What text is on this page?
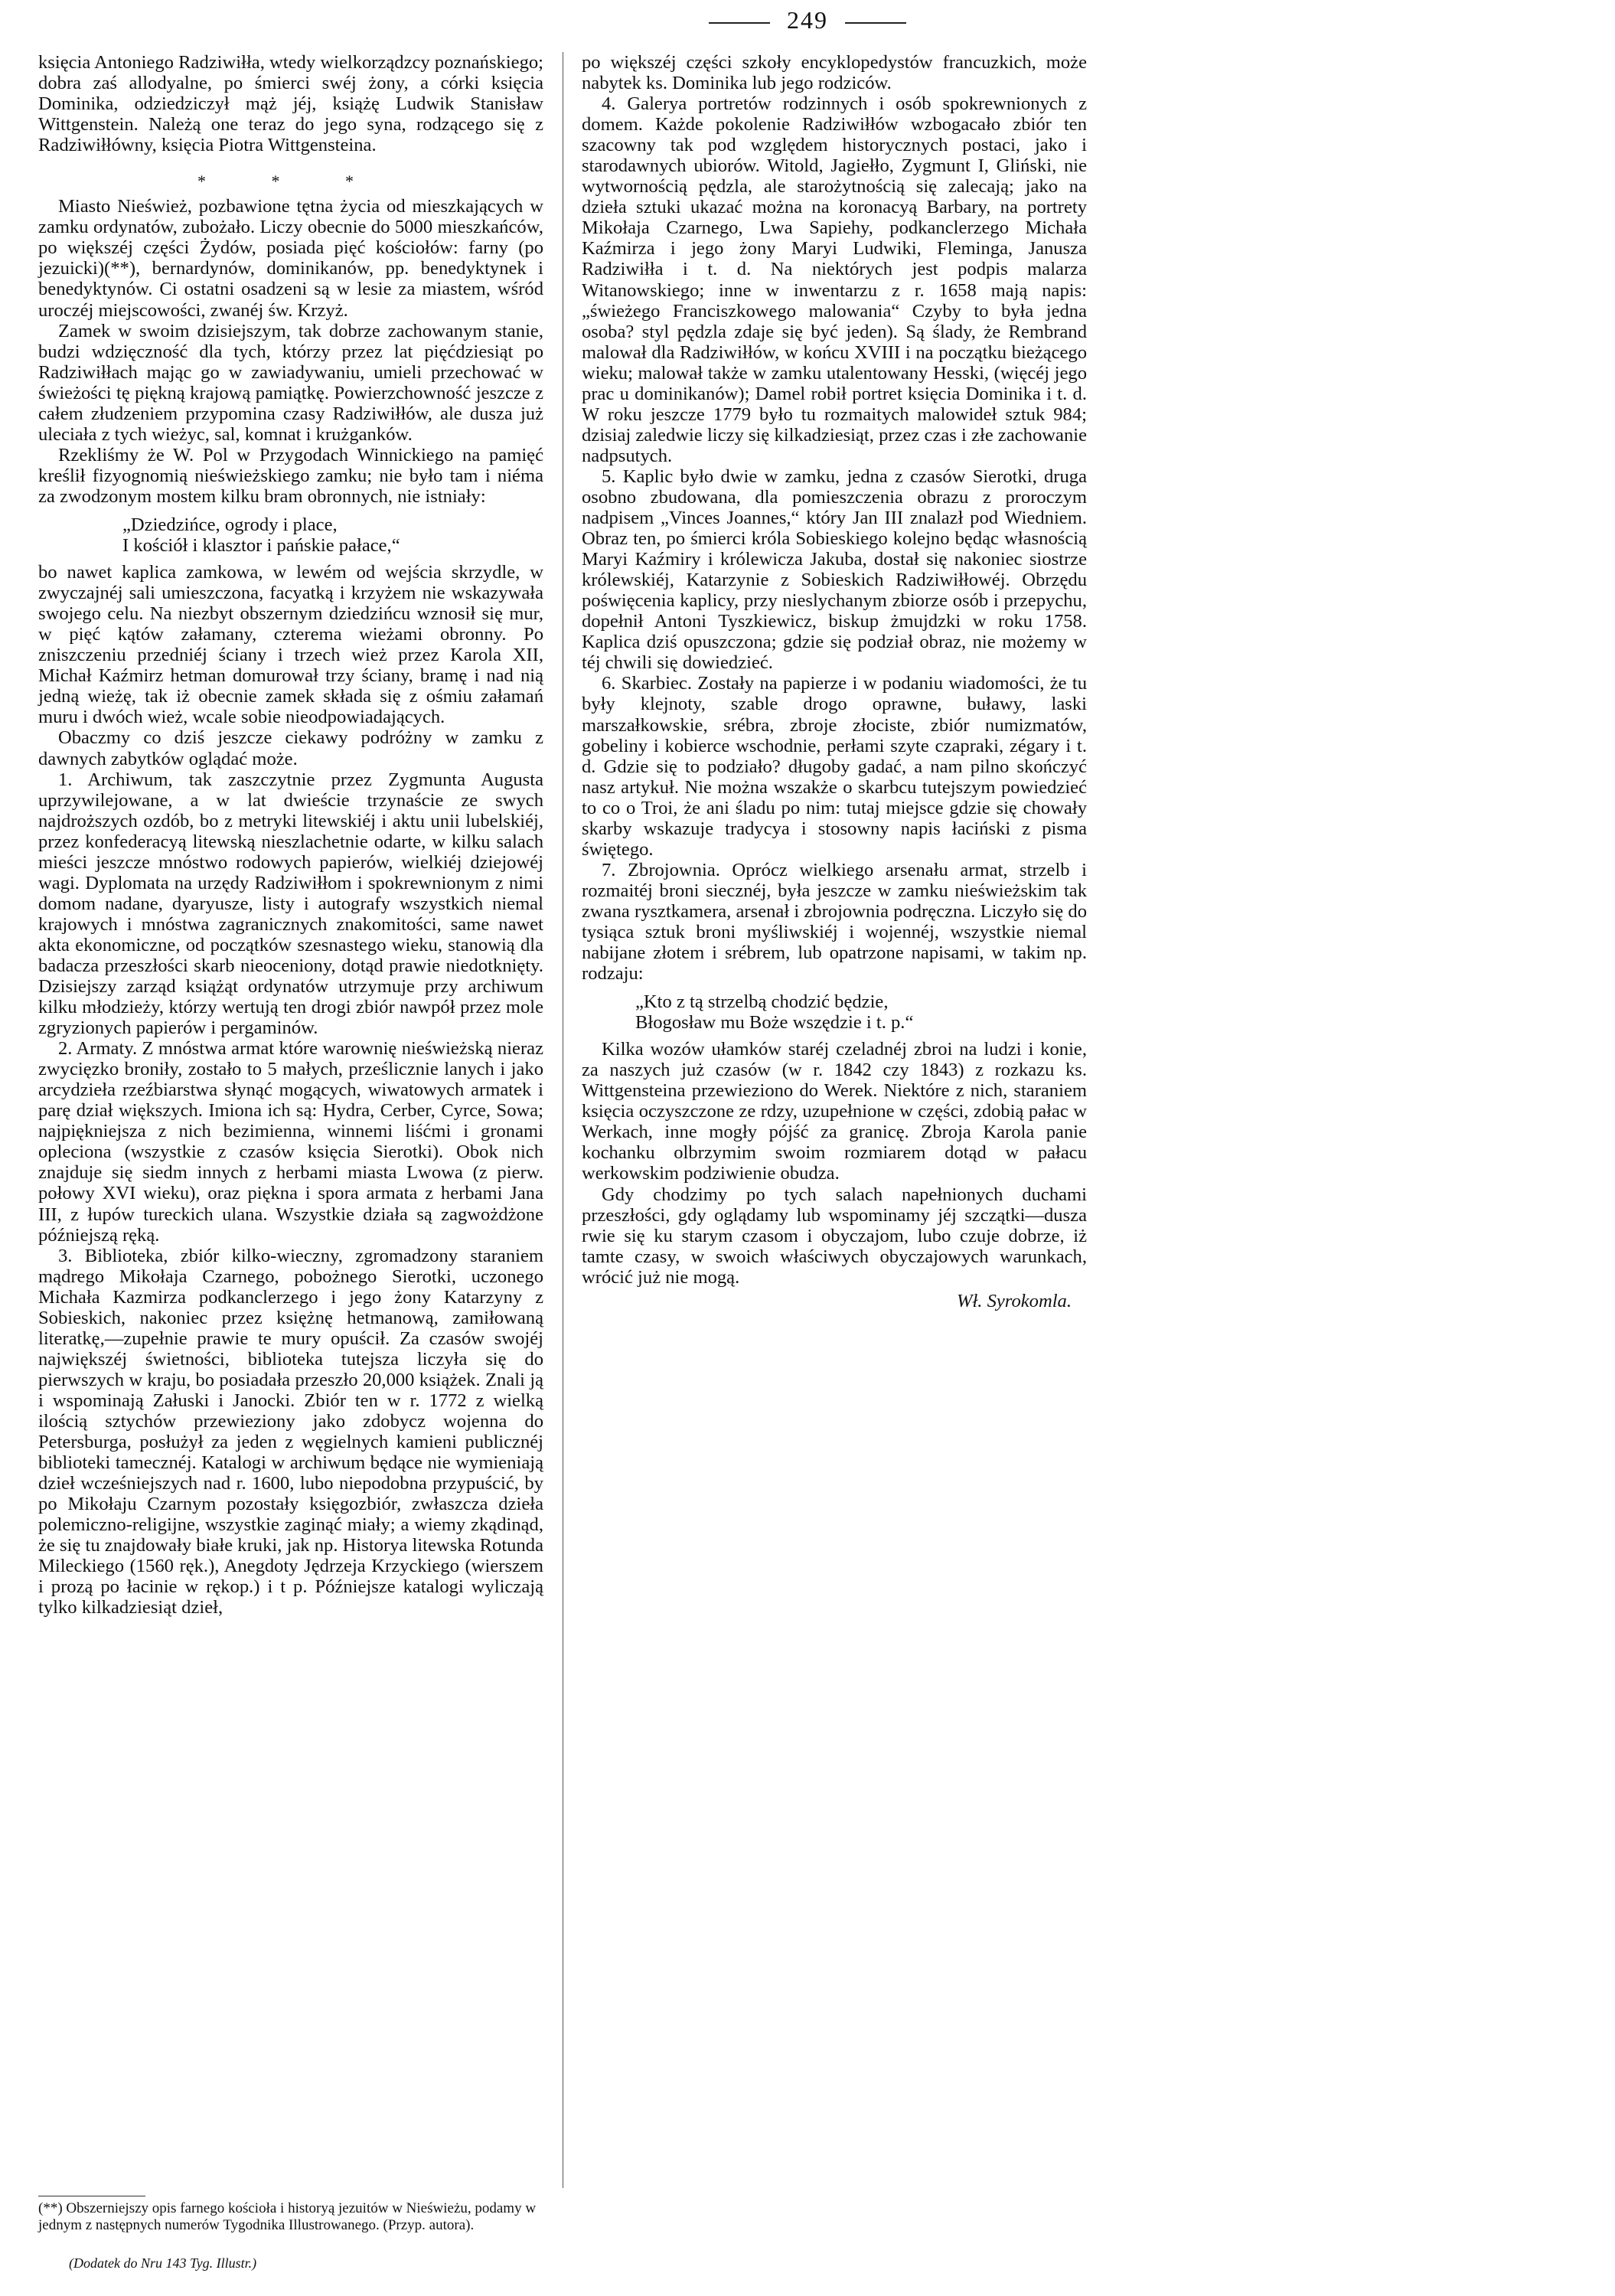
249

księcia Antoniego Radziwiłła, wtedy wielkorządzcy poznańskiego; dobra zaś allodyalne, po śmierci swéj żony, a córki księcia Dominika, odziedziczył mąż jéj, książę Ludwik Stanisław Wittgenstein. Należą one teraz do jego syna, rodzącego się z Radziwiłłówny, księcia Piotra Wittgensteina.

* * *

Miasto Nieśwież, pozbawione tętna życia od mieszkających w zamku ordynatów, zubożało. Liczy obecnie do 5000 mieszkańców, po większéj części Żydów, posiada pięć kościołów: farny (po jezuicki)(**), bernardynów, dominikanów, pp. benedyktynek i benedyktynów. Ci ostatni osadzeni są w lesie za miastem, wśród uroczéj miejscowości, zwanéj św. Krzyż.

Zamek w swoim dzisiejszym, tak dobrze zachowanym stanie, budzi wdzięczność dla tych, którzy przez lat pięćdziesiąt po Radziwiłłach mając go w zawiadywaniu, umieli przechować w świeżości tę piękną krajową pamiątkę. Powierzchowność jeszcze z całem złudzeniem przypomina czasy Radziwiłłów, ale dusza już uleciała z tych wieżyc, sal, komnat i krużganków.

Rzekliśmy że W. Pol w Przygodach Winnickiego na pamięć kreślił fizyognomią nieświeżskiego zamku; nie było tam i niéma za zwodzonym mostem kilku bram obronnych, nie istniały:

„Dziedzińce, ogrody i place,
I kościół i klasztor i pańskie pałace,“

bo nawet kaplica zamkowa, w lewém od wejścia skrzydle, w zwyczajnéj sali umieszczona, facyatką i krzyżem nie wskazywała swojego celu. Na niezbyt obszernym dziedzińcu wznosił się mur, w pięć kątów załamany, czterema wieżami obronny. Po zniszczeniu przedniéj ściany i trzech wież przez Karola XII, Michał Kaźmirz hetman domurował trzy ściany, bramę i nad nią jedną wieżę, tak iż obecnie zamek składa się z ośmiu załamań muru i dwóch wież, wcale sobie nieodpowiadających.

Obaczmy co dziś jeszcze ciekawy podróżny w zamku z dawnych zabytków oglądać może.

1. Archiwum, tak zaszczytnie przez Zygmunta Augusta uprzywilejowane, a w lat dwieście trzynaście ze swych najdroższych ozdób, bo z metryki litewskiéj i aktu unii lubelskiéj, przez konfederacyą litewską nieszlachetnie odarte, w kilku salach mieści jeszcze mnóstwo rodowych papierów, wielkiéj dziejowéj wagi. Dyplomata na urzędy Radziwiłłom i spokrewnionym z nimi domom nadane, dyaryusze, listy i autografy wszystkich niemal krajowych i mnóstwa zagranicznych znakomitości, same nawet akta ekonomiczne, od początków szesnastego wieku, stanowią dla badacza przeszłości skarb nieoceniony, dotąd prawie niedotknięty. Dzisiejszy zarząd książąt ordynatów utrzymuje przy archiwum kilku młodzieży, którzy wertują ten drogi zbiór nawpół przez mole zgryzionych papierów i pergaminów.

2. Armaty. Z mnóstwa armat które warownię nieświeżską nieraz zwycięzko broniły, zostało to 5 małych, prześlicznie lanych i jako arcydzieła rzeźbiarstwa słynąć mogących, wiwatowych armatek i parę dział większych. Imiona ich są: Hydra, Cerber, Cyrce, Sowa; najpiękniejsza z nich bezimienna, winnemi liśćmi i gronami opleciona (wszystkie z czasów księcia Sierotki). Obok nich znajduje się siedm innych z herbami miasta Lwowa (z pierw. połowy XVI wieku), oraz piękna i spora armata z herbami Jana III, z łupów tureckich ulana. Wszystkie działa są zagwożdżone późniejszą ręką.

3. Biblioteka, zbiór kilko-wieczny, zgromadzony staraniem mądrego Mikołaja Czarnego, pobożnego Sierotki, uczonego Michała Kazmirza podkanclerzego i jego żony Katarzyny z Sobieskich, nakoniec przez księżnę hetmanową, zamiłowaną literatkę,—zupełnie prawie te mury opuścił. Za czasów swojéj największéj świetności, biblioteka tutejsza liczyła się do pierwszych w kraju, bo posiadała przeszło 20,000 książek. Znali ją i wspominają Załuski i Janocki. Zbiór ten w r. 1772 z wielką ilością sztychów przewieziony jako zdobycz wojenna do Petersburga, posłużył za jeden z węgielnych kamieni publicznéj biblioteki tamecznéj. Katalogi w archiwum będące nie wymieniają dzieł wcześniejszych nad r. 1600, lubo niepodobna przypuścić, by po Mikołaju Czarnym pozostały księgozbiór, zwłaszcza dzieła polemiczno-religijne, wszystkie zaginąć miały; a wiemy zkądinąd, że się tu znajdowały białe kruki, jak np. Historya litewska Rotunda Mileckiego (1560 ręk.), Anegdoty Jędrzeja Krzyckiego (wierszem i prozą po łacinie w rękop.) i t p. Późniejsze katalogi wyliczają tylko kilkadziesiąt dzieł,

po większéj części szkoły encyklopedystów francuzkich, może nabytek ks. Dominika lub jego rodziców.

4. Galerya portretów rodzinnych i osób spokrewnionych z domem. Każde pokolenie Radziwiłłów wzbogacało zbiór ten szacowny tak pod względem historycznych postaci, jako i starodawnych ubiorów. Witold, Jagiełło, Zygmunt I, Gliński, nie wytwornością pędzla, ale starożytnością się zalecają; jako na dzieła sztuki ukazać można na koronacyą Barbary, na portrety Mikołaja Czarnego, Lwa Sapiehy, podkanclerzego Michała Kaźmirza i jego żony Maryi Ludwiki, Fleminga, Janusza Radziwiłła i t. d. Na niektórych jest podpis malarza Witanowskiego; inne w inwentarzu z r. 1658 mają napis: „świeżego Franciszkowego malowania“ Czyby to była jedna osoba? styl pędzla zdaje się być jeden). Są ślady, że Rembrand malował dla Radziwiłłów, w końcu XVIII i na początku bieżącego wieku; malował także w zamku utalentowany Hesski, (więcéj jego prac u dominikanów); Damel robił portret księcia Dominika i t. d. W roku jeszcze 1779 było tu rozmaitych malowideł sztuk 984; dzisiaj zaledwie liczy się kilkadziesiąt, przez czas i złe zachowanie nadpsutych.

5. Kaplic było dwie w zamku, jedna z czasów Sierotki, druga osobno zbudowana, dla pomieszczenia obrazu z proroczym nadpisem „Vinces Joannes,“ który Jan III znalazł pod Wiedniem. Obraz ten, po śmierci króla Sobieskiego kolejno będąc własnością Maryi Kaźmiry i królewicza Jakuba, dostał się nakoniec siostrze królewskiéj, Katarzynie z Sobieskich Radziwiłłowéj. Obrzędu poświęcenia kaplicy, przy nieslychanym zbiorze osób i przepychu, dopełnił Antoni Tyszkiewicz, biskup żmujdzki w roku 1758. Kaplica dziś opuszczona; gdzie się podział obraz, nie możemy w téj chwili się dowiedzieć.

6. Skarbiec. Zostały na papierze i w podaniu wiadomości, że tu były klejnoty, szable drogo oprawne, buławy, laski marszałkowskie, srébra, zbroje złociste, zbiór numizmatów, gobeliny i kobierce wschodnie, perłami szyte czapraki, zégary i t. d. Gdzie się to podziało? długoby gadać, a nam pilno skończyć nasz artykuł. Nie można wszakże o skarbcu tutejszym powiedzieć to co o Troi, że ani śladu po nim: tutaj miejsce gdzie się chowały skarby wskazuje tradycya i stosowny napis łaciński z pisma świętego.

7. Zbrojownia. Oprócz wielkiego arsenału armat, strzelb i rozmaitéj broni siecznéj, była jeszcze w zamku nieświeżskim tak zwana rysztkamera, arsenał i zbrojownia podręczna. Liczyło się do tysiąca sztuk broni myśliwskiéj i wojennéj, wszystkie niemal nabijane złotem i srébrem, lub opatrzone napisami, w takim np. rodzaju:

„Kto z tą strzelbą chodzić będzie,
Błogosław mu Boże wszędzie i t. p.“

Kilka wozów ułamków staréj czeladnéj zbroi na ludzi i konie, za naszych już czasów (w r. 1842 czy 1843) z rozkazu ks. Wittgensteina przewieziono do Werek. Niektóre z nich, staraniem księcia oczyszczone ze rdzy, uzupełnione w części, zdobią pałac w Werkach, inne mogły pójść za granicę. Zbroja Karola panie kochanku olbrzymim swoim rozmiarem dotąd w pałacu werkowskim podziwienie obudza.

Gdy chodzimy po tych salach napełnionych duchami przeszłości, gdy oglądamy lub wspominamy jéj szczątki—dusza rwie się ku starym czasom i obyczajom, lubo czuje dobrze, iż tamte czasy, w swoich właściwych obyczajowych warunkach, wrócić już nie mogą.

Wł. Syrokomla.
(**) Obszerniejszy opis farnego kościoła i historyą jezuitów w Nieświeżu, podamy w jednym z następnych numerów Tygodnika Illustrowanego. (Przyp. autora).
(Dodatek do Nru 143 Tyg. Illustr.)
